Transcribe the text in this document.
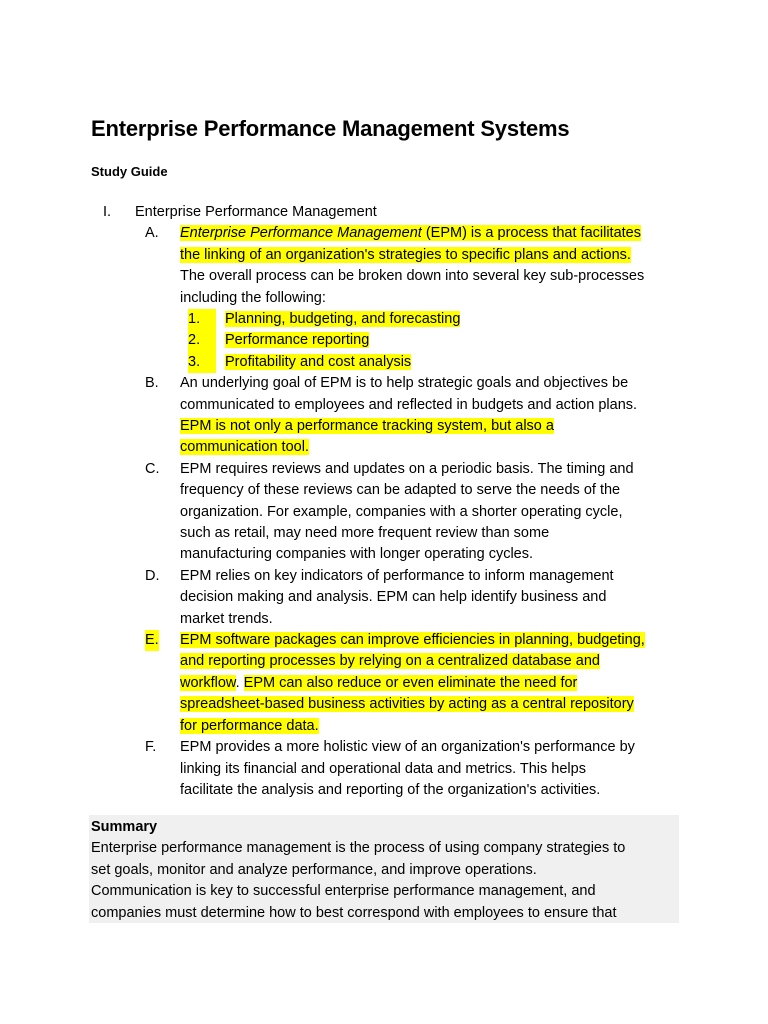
Enterprise Performance Management Systems
Study Guide
I. Enterprise Performance Management
A. Enterprise Performance Management (EPM) is a process that facilitates
the linking of an organization's strategies to specific plans and actions.
The overall process can be broken down into several key sub-processes
including the following:
1. Planning, budgeting, and forecasting
2. Performance reporting
3. Profitability and cost analysis
B. An underlying goal of EPM is to help strategic goals and objectives be
communicated to employees and reflected in budgets and action plans.
EPM is not only a performance tracking system, but also a
communication tool.
C. EPM requires reviews and updates on a periodic basis. The timing and
frequency of these reviews can be adapted to serve the needs of the
organization. For example, companies with a shorter operating cycle,
such as retail, may need more frequent review than some
manufacturing companies with longer operating cycles.
D. EPM relies on key indicators of performance to inform management
decision making and analysis. EPM can help identify business and
market trends.
E. EPM software packages can improve efficiencies in planning, budgeting,
and reporting processes by relying on a centralized database and
workflow. EPM can also reduce or even eliminate the need for
spreadsheet-based business activities by acting as a central repository
for performance data.
F. EPM provides a more holistic view of an organization's performance by
linking its financial and operational data and metrics. This helps
facilitate the analysis and reporting of the organization's activities.
Summary
Enterprise performance management is the process of using company strategies to
set goals, monitor and analyze performance, and improve operations.
Communication is key to successful enterprise performance management, and
companies must determine how to best correspond with employees to ensure that
